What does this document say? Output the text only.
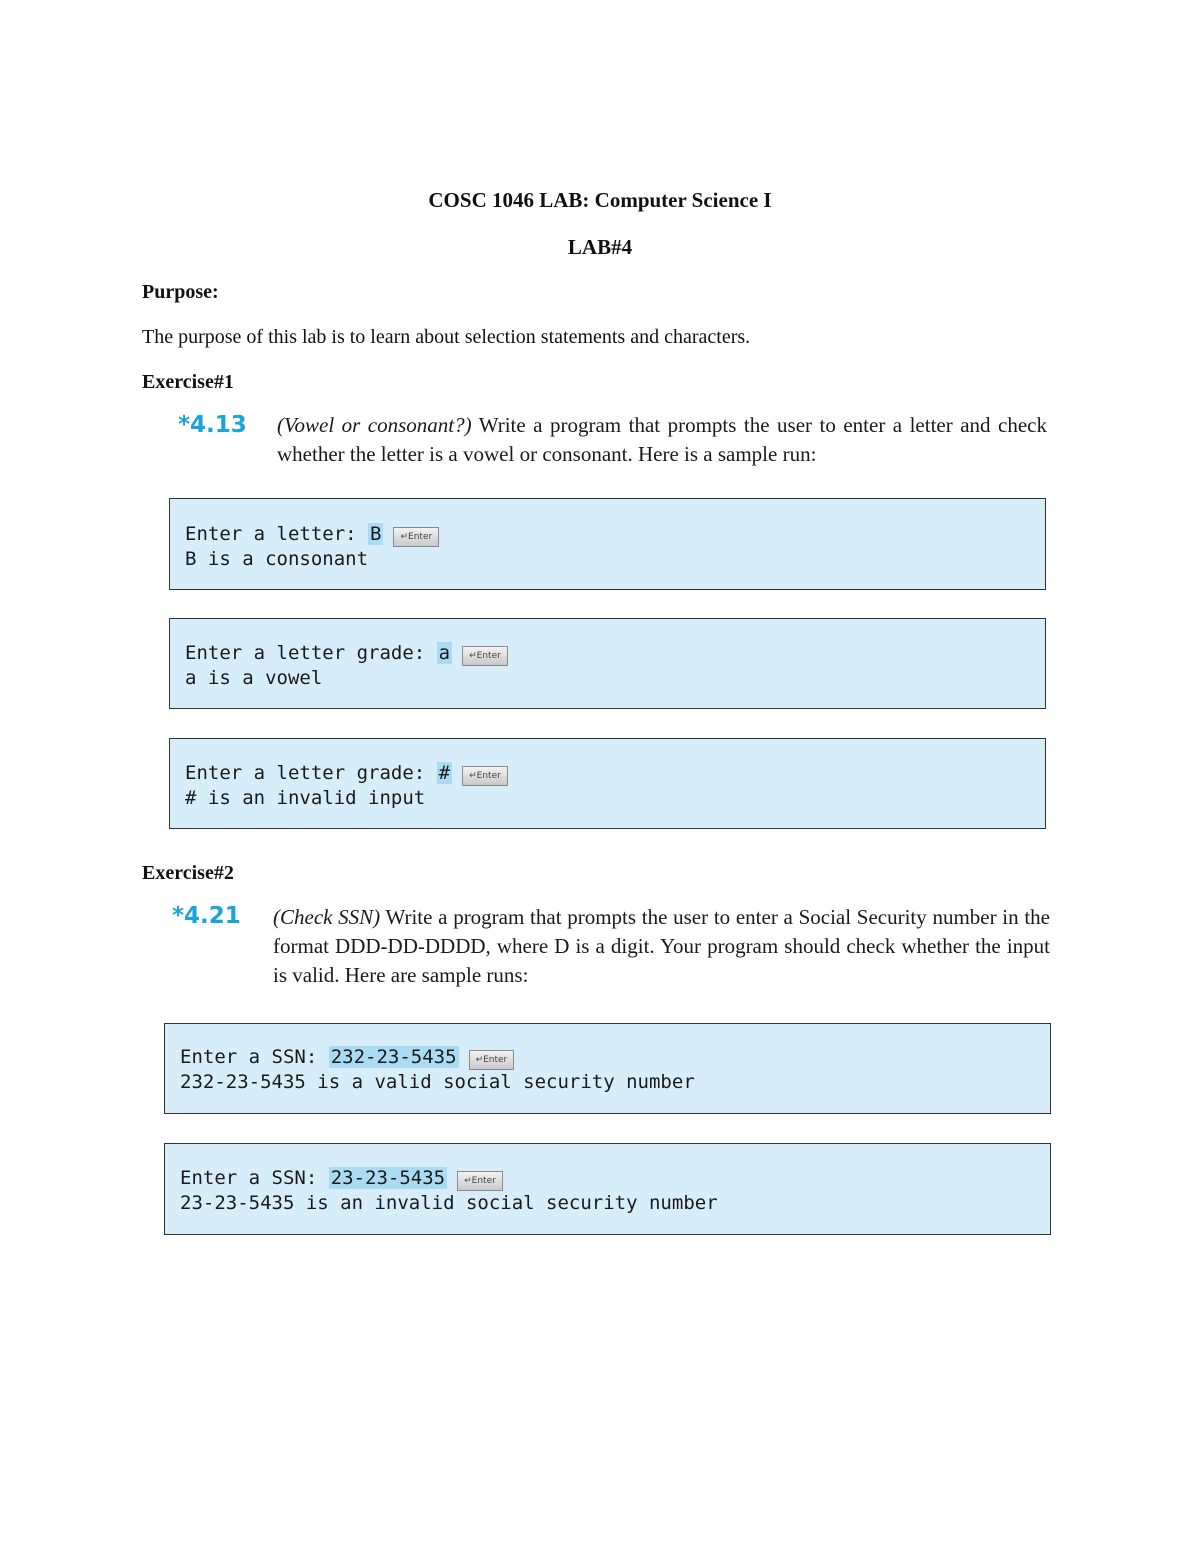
COSC 1046 LAB: Computer Science I
LAB#4
Purpose:
The purpose of this lab is to learn about selection statements and characters.
Exercise#1
*4.13 (Vowel or consonant?) Write a program that prompts the user to enter a letter and check whether the letter is a vowel or consonant. Here is a sample run:
Enter a letter: B ↵Enter
B is a consonant
Enter a letter grade: a ↵Enter
a is a vowel
Enter a letter grade: # ↵Enter
# is an invalid input
Exercise#2
*4.21 (Check SSN) Write a program that prompts the user to enter a Social Security number in the format DDD-DD-DDDD, where D is a digit. Your program should check whether the input is valid. Here are sample runs:
Enter a SSN: 232-23-5435 ↵Enter
232-23-5435 is a valid social security number
Enter a SSN: 23-23-5435 ↵Enter
23-23-5435 is an invalid social security number
